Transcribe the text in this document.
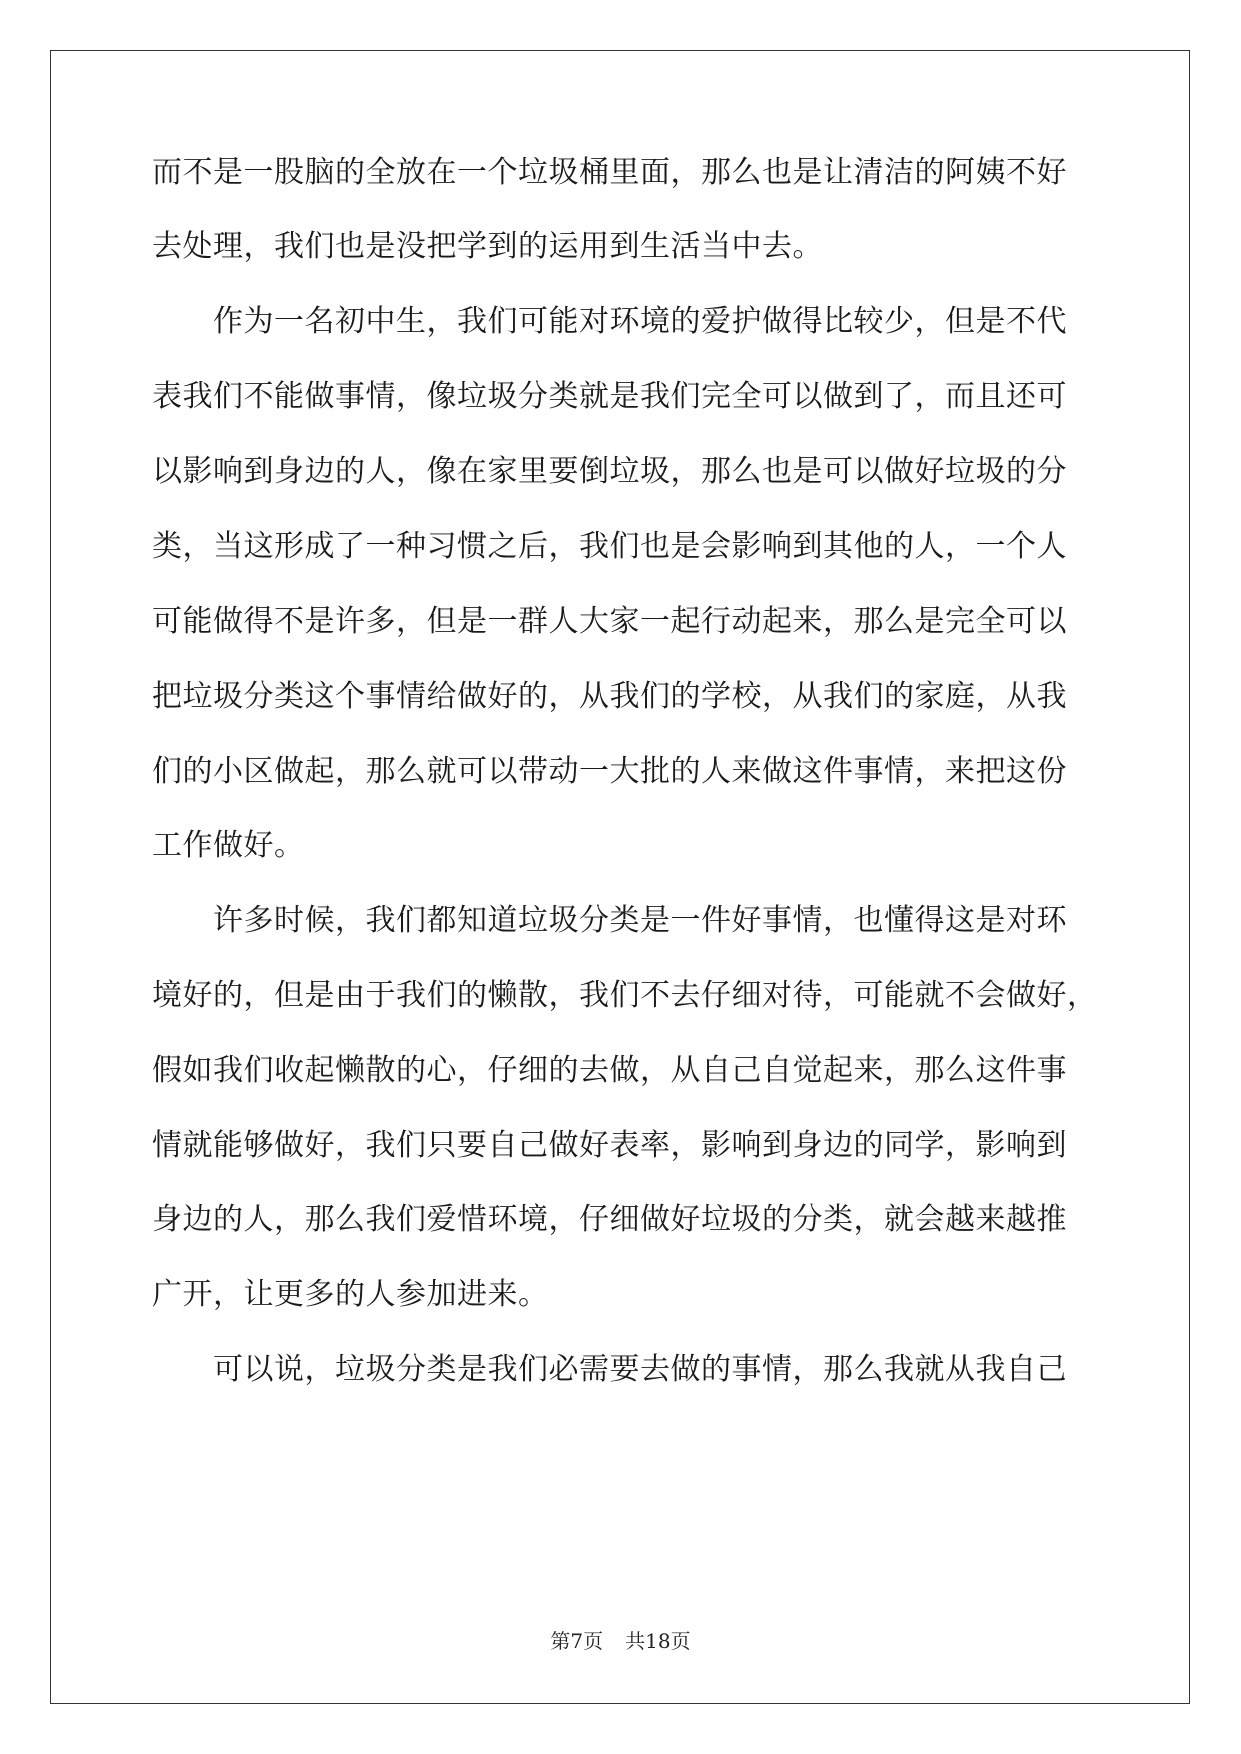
而不是一股脑的全放在一个垃圾桶里面，那么也是让清洁的阿姨不好
去处理，我们也是没把学到的运用到生活当中去。
　　作为一名初中生，我们可能对环境的爱护做得比较少，但是不代
表我们不能做事情，像垃圾分类就是我们完全可以做到了，而且还可
以影响到身边的人，像在家里要倒垃圾，那么也是可以做好垃圾的分
类，当这形成了一种习惯之后，我们也是会影响到其他的人，一个人
可能做得不是许多，但是一群人大家一起行动起来，那么是完全可以
把垃圾分类这个事情给做好的，从我们的学校，从我们的家庭，从我
们的小区做起，那么就可以带动一大批的人来做这件事情，来把这份
工作做好。
　　许多时候，我们都知道垃圾分类是一件好事情，也懂得这是对环
境好的，但是由于我们的懒散，我们不去仔细对待，可能就不会做好，
假如我们收起懒散的心，仔细的去做，从自己自觉起来，那么这件事
情就能够做好，我们只要自己做好表率，影响到身边的同学，影响到
身边的人，那么我们爱惜环境，仔细做好垃圾的分类，就会越来越推
广开，让更多的人参加进来。
　　可以说，垃圾分类是我们必需要去做的事情，那么我就从我自己
第7页 共18页
